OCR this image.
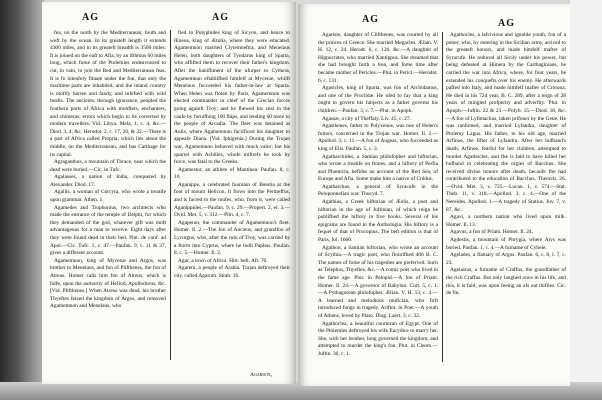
AG	AG

fea, on the north by the Mediterranean, fouth and weft by the ocean. In its greateft length it extends 4300 miles, and in its greateft breadth is 3500 miles. It is joined on the eaft to Afia, by an ifthmus 60 miles long, which fome of the Ptolemies endeavoured to cut, in vain, to join the Red and Mediterranean feas. It is fo intenfely fituate under the fun, that only the maritime parts are inhabited, and the inland country is moftly barren and fandy, and infefted with wild beafts. The ancients, through ignorance, peopled the fouthern parts of Africa with monfters, enchanters, and chimeras; errors which begin to be corrected by modern travellers. Vid. Libya. Mela, 1, c. 4, &c.—Diod. 3, 4, &c. Herodot. 2, c. 17, 26, & 32.—There is a part of Africa called Propria, which lies about the middle, on the Mediterranean, and has Carthage for its capital.

Agraganthus, a mountain of Thrace, near which the dead were buried.—Cic. in Tufc.

Agalasses, a nation of India, conquered by Alexander. Diod. 17.

Agallis, a woman of Corcyra, who wrote a treatife upon grammar. Athen. 1.

Agamedes and Trophonius, two architects who made the entrance of the temple of Delphi, for which they demanded of the god, whatever gift was moft advantageous for a man to receive. Eight days after they were found dead in their bed. Plut. de conf. ad Apol.—Cic. Tufc. 1, c. 47.—Paufan. 9, c. 11 & 37, gives a different account.

Agamemnon, king of Mycenæ and Argos, was brother to Menelaus, and fon of Plifthenes, the fon of Atreus. Homer calls him fon of Atreus, which is falfe, upon the authority of Hefiod, Apollodorus, &c. [Vid. Plifthenes.] When Atreus was dead, his brother Thyeftes feized the kingdom of Argos, and removed Agamemnon and Menelaus, who

fled to Polyphides king of Sicyon, and hence to Œneus, king of Ætolia, where they were educated. Agamemnon married Clytemneftra, and Menelaus Helen, both daughters of Tyndarus king of Sparta, who affifted them to recover their father's kingdom. After the banifhment of the ufurper to Cythera, Agamemnon eftablifhed himfelf at Mycenæ, whilft Menelaus fucceeded his father-in-law at Sparta. When Helen was ftolen by Paris, Agamemnon was elected commander in chief of the Grecian forces going againft Troy; and he fhewed his zeal in the caufe by furnifhing 100 fhips, and lending 60 more to the people of Arcadia. The fleet was detained at Aulis, where Agamemnon facrificed his daughter to appeafe Diana. [Vid. Iphigenia.] During the Trojan war, Agamemnon behaved with much valor; but his quarrel with Achilles, whofe miftrefs he took by force, was fatal to the Greeks.

Agamestor, an athlete of Mantinea. Paufan. 8, c. 10.

Aganippe, a celebrated fountain of Bœotia at the foot of mount Helicon. It flows into the Permeffus, and is facred to the mufes, who, from it, were called Aganippides.—Paufan. 9, c. 29.—Propert. 2, el. 3.—Ovid. Met. 5, v. 312.—Plin. 4, c. 7.

Agapenor, the commander of Agamemnon's fleet. Homer. Il. 2.—The fon of Ancæus, and grandfon of Lycurgus, who, after the ruin of Troy, was carried by a ftorm into Cyprus, where he built Paphos. Paufan. 8, c. 5.—Homer. Il. 2.

Agar, a town of Africa. Hirt. bell. Afr. 76.

Agareni, a people of Arabia. Trajan deftroyed their city, called Agarum. Strab. 16.

Agariste,
AG	AG

Agariste, daughter of Clifthenes, was courted by all the princes of Greece. She married Megacles. Ælian. V. H. 12, c. 24. Herodt. 6, c. 126, &c.—A daughter of Hippocrates, who married Xantippus. She dreamed that she had brought forth a lion, and fome time after became mother of Pericles.—Plut. in Pericl.—Herodot. 6, c. 131.

Agasicles, king of Sparta, was fon of Archidamus, and one of the Proclidæ. He ufed to fay that a king ought to govern his fubjects as a father governs his children.—Paufan. 3, c. 7.—Plut. in Apoph.

Agassæ, a city of Theffaly. Liv. 45, c. 27.

Agasthenes, father to Polyxenus, was one of Helen's fuitors, concerned in the Trojan war. Homer. Il. 2.—Apollod. 3, c. 11.—A fon of Augeas, who fucceeded as king of Elis. Paufan. 5, c. 3.

Agatharchides, a Samian philofopher and hiftorian, who wrote a treatife on ftones, and a hiftory of Perfia and Phœnicia, befides an account of the Red Sea, of Europe and Afia. Some make him a native of Cnidus.

Agatharchus, a general of Syracufe in the Peloponnefian war. Thucyd. 7.

Agathias, a Greek hiftorian of Æolis, a poet and hiftorian in the age of Juftinian, of which reign he publifhed the hiftory in five books. Several of his epigrams are found in the Anthologia. His hiftory is a fequel of that of Procopius. The beft edition is that of Paris, fol. 1660.

Agathon, a Samian hiftorian, who wrote an account of Scythia.—A tragic poet, who flourifhed 406 B. C. The names of fome of his tragedies are preferved. Such as Telephus, Thyeftes, &c.—A comic poet who lived in the fame age. Plut. in Pelopid.—A fon of Priam. Homer. Il. 24.—A governor of Babylon. Curt. 5, c. 1.—A Pythagorean philofopher. Ælian. V. H. 13, c. 4.—A learned and melodious mufician, who firft introduced fongs in tragedy. Ariftot. in Poet.—A youth of Athens, loved by Plato. Diog. Laert. 3, c. 32.

Agathoclea, a beautiful courtezan of Egypt. One of the Ptolemies deftroyed his wife Eurydice to marry her. She, with her brother, long governed the kingdom, and attempted to murder the king's fon. Plut. in Cleom.—Juftin. 30, c. 1.

Agathocles, a lafcivious and ignoble youth, fon of a potter, who, by entering in the Sicilian army, arrived to the greateft honors, and made himfelf mafter of Syracufe. He reduced all Sicily under his power, but being defeated at Himera by the Carthaginians, he carried the war into Africa, where, for four years, he extended his conquefts over his enemy. He afterwards paffed into Italy, and made himfelf mafter of Crotona. He died in his 72d year, B. C. 289, after a reign of 28 years of mingled profperity and adverfity. Plut. in Apoph.—Juftin. 22 & 23.—Polyb. 15.—Diod. 18, &c.—A fon of Lyfimachus, taken prifoner by the Getæ. He was ranfomed, and married Lyfandra, daughter of Ptolemy Lagus. His father, in his old age, married Arfinoe, the fifter of Lyfandra. After her hufband's death, Arfinoe, fearful for her children, attempted to murder Agathocles, and fhe is faid to have killed her hufband in celebrating the orgies of Bacchus. She received divine honors after death, becaufe fhe had contributed to the education of Bacchus. Theocrit. 26.—Ovid. Met. 3, v. 725.—Lucan. 1, v. 574.—Stat. Theb. 11, v. 318.—Apollod. 3, c. 4.—One of the Nereides. Apollod. 1.—A tragedy of Statius. Juv. 7, v. 87, &c.

Agavi, a northern nation who lived upon milk. Homer. Il. 13.

Agavus, a fon of Priam. Homer. Il. 24.

Agdestis, a mountain of Phrygia, where Atys was buried. Paufan. 1, c. 4.—A furname of Cybele.

Agelades, a ftatuary of Argos. Paufan. 6, c. 8, l. 7, c. 23.

Agelastus, a furname of Craffus, the grandfather of the rich Craffus. But only laughed once in his life, and this, it is faid, was upon feeing an afs eat thiftles. Cic. de fin.
